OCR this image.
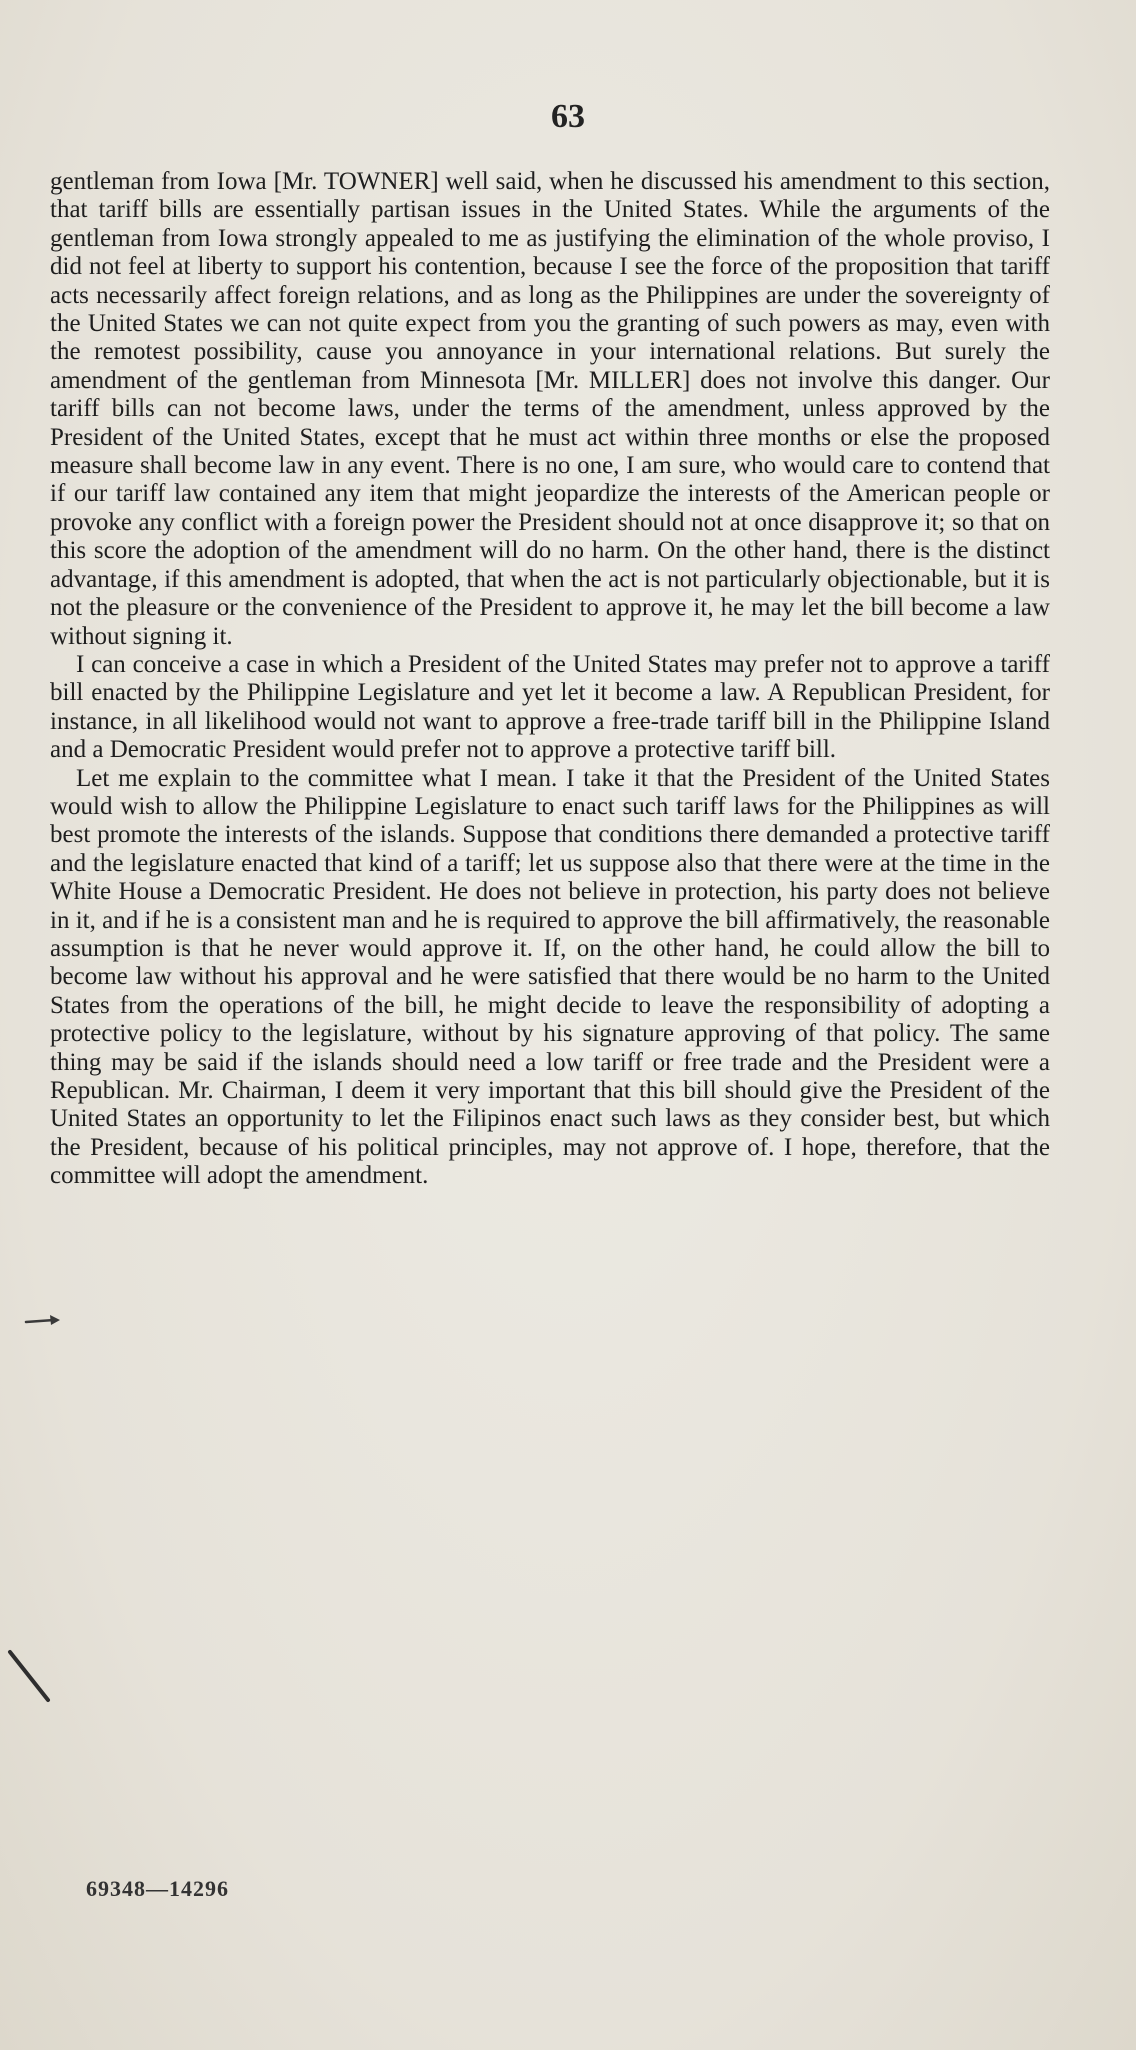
63

gentleman from Iowa [Mr. TOWNER] well said, when he discussed his amendment to this section, that tariff bills are essentially partisan issues in the United States. While the arguments of the gentleman from Iowa strongly appealed to me as justifying the elimination of the whole proviso, I did not feel at liberty to support his contention, because I see the force of the proposition that tariff acts necessarily affect foreign relations, and as long as the Philippines are under the sovereignty of the United States we can not quite expect from you the granting of such powers as may, even with the remotest possibility, cause you annoyance in your international relations. But surely the amendment of the gentleman from Minnesota [Mr. MILLER] does not involve this danger. Our tariff bills can not become laws, under the terms of the amendment, unless approved by the President of the United States, except that he must act within three months or else the proposed measure shall become law in any event. There is no one, I am sure, who would care to contend that if our tariff law contained any item that might jeopardize the interests of the American people or provoke any conflict with a foreign power the President should not at once disapprove it; so that on this score the adoption of the amendment will do no harm. On the other hand, there is the distinct advantage, if this amendment is adopted, that when the act is not particularly objectionable, but it is not the pleasure or the convenience of the President to approve it, he may let the bill become a law without signing it.

I can conceive a case in which a President of the United States may prefer not to approve a tariff bill enacted by the Philippine Legislature and yet let it become a law. A Republican President, for instance, in all likelihood would not want to approve a free-trade tariff bill in the Philippine Island and a Democratic President would prefer not to approve a protective tariff bill.

Let me explain to the committee what I mean. I take it that the President of the United States would wish to allow the Philippine Legislature to enact such tariff laws for the Philippines as will best promote the interests of the islands. Suppose that conditions there demanded a protective tariff and the legislature enacted that kind of a tariff; let us suppose also that there were at the time in the White House a Democratic President. He does not believe in protection, his party does not believe in it, and if he is a consistent man and he is required to approve the bill affirmatively, the reasonable assumption is that he never would approve it. If, on the other hand, he could allow the bill to become law without his approval and he were satisfied that there would be no harm to the United States from the operations of the bill, he might decide to leave the responsibility of adopting a protective policy to the legislature, without by his signature approving of that policy. The same thing may be said if the islands should need a low tariff or free trade and the President were a Republican. Mr. Chairman, I deem it very important that this bill should give the President of the United States an opportunity to let the Filipinos enact such laws as they consider best, but which the President, because of his political principles, may not approve of. I hope, therefore, that the committee will adopt the amendment.

69348—14296
